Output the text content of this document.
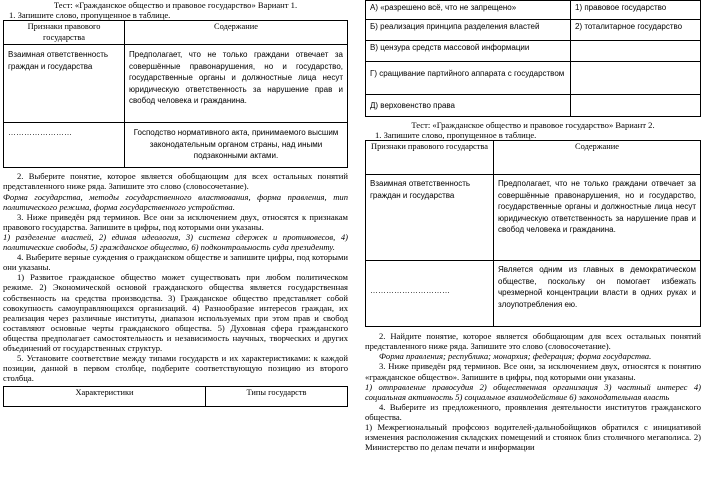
Тест: «Гражданское общество и правовое государство» Вариант 1.

1. Запишите слово, пропущенное в таблице.

Признаки правового государства	Содержание
Взаимная ответственность граждан и государства	Предполагает, что не только граждани отвечает за совершённые правонарушения, но и государство, государственные органы и должностные лица несут юридическую ответственность за нарушение прав и свобод человека и гражданина.
……………………	Господство нормативного акта, принимаемого высшим законодательным органом страны, над иными подзаконными актами.

2. Выберите понятие, которое является обобщающим для всех остальных понятий представленного ниже ряда. Запишите это слово (словосочетание).

Форма государства, методы государственного властвования, форма правления, тип политического режима, форма государственного устройства.

3. Ниже приведён ряд терминов. Все они за исключением двух, относятся к признакам правового государства. Запишите в цифры, под которыми они указаны.

1) разделение властей, 2) единая идеология, 3) система сдержек и противовесов, 4) политические свободы, 5) гражданское общество, 6) подконтрольность суда президенту.

4. Выберите верные суждения о гражданском обществе и запишите цифры, под которыми они указаны.

1) Развитое гражданское общество может существовать при любом политическом режиме. 2) Экономической основой гражданского общества является государственная собственность на средства производства. 3) Гражданское общество представляет собой совокупность самоуправляющихся организаций. 4) Разнообразие интересов граждан, их реализация через различные институты, диапазон используемых при этом прав и свобод составляют основные черты гражданского общества. 5) Духовная сфера гражданского общества предполагает самостоятельность и независимость научных, творческих и других объединений от государственных структур.

5. Установите соответствие между типами государств и их характеристиками: к каждой позиции, данной в первом столбце, подберите соответствующую позицию из второго столбца.

Характеристики	Типы государств
А) «разрешено всё, что не запрещено»	1) правовое государство
Б) реализация принципа разделения властей	2) тоталитарное государство
В) цензура средств массовой информации	
Г) сращивание партийного аппарата с государством	
Д) верховенство права	

Тест: «Гражданское общество и правовое государство» Вариант 2.

1. Запишите слово, пропущенное в таблице.

Признаки правового государства	Содержание
Взаимная ответственность граждан и государства	Предполагает, что не только граждани отвечает за совершённые правонарушения, но и государство, государственные органы и должностные лица несут юридическую ответственность за нарушение прав и свобод человека и гражданина.
…………………………	Является одним из главных в демократическом обществе, поскольку он помогает избежать чрезмерной концентрации власти в одних руках и злоупотребления ею.

2. Найдите понятие, которое является обобщающим для всех остальных понятий представленного ниже ряда. Запишите это слово (словосочетание).

Форма правления; республика; монархия; федерация; форма государства.

3. Ниже приведён ряд терминов. Все они, за исключением двух, относятся к понятию «гражданское общество». Запишите в цифры, под которыми они указаны.

1) отправление правосудия 2) общественная организация 3) частный интерес 4) социальная активность 5) социальное взаимодействие 6) законодательная власть

4. Выберите из предложенного, проявления деятельности институтов гражданского общества.

1) Межрегиональный профсоюз водителей-дальнобойщиков обратился с инициативой изменения расположения складских помещений и стоянок близ столичного мегаполиса. 2) Министерство по делам печати и информации
